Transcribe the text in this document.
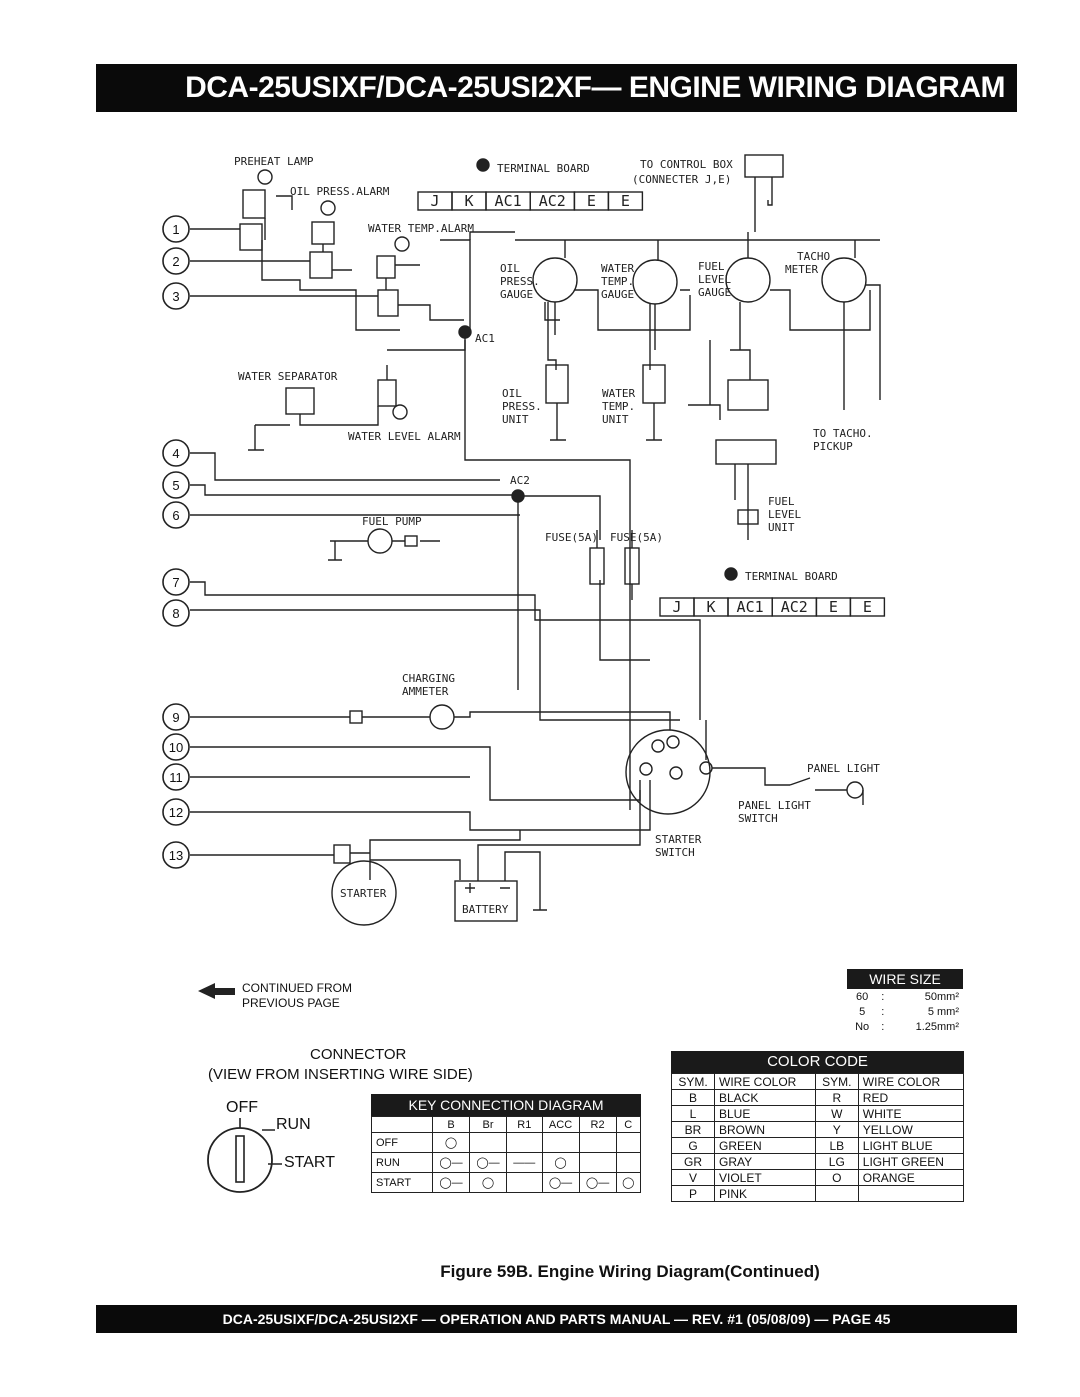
DCA-25USIXF/DCA-25USI2XF— ENGINE WIRING DIAGRAM
1
2
3
4
5
6
7
8
9
10
11
12
13
PREHEAT LAMP
OIL PRESS.ALARM
WATER TEMP.ALARM
TERMINAL BOARD
J K AC1 AC2 E E
TO CONTROL BOX
(CONNECTER J,E)
OIL
PRESS.
GAUGE
WATER
TEMP.
GAUGE
FUEL
LEVEL
GAUGE
TACHO
METER
OIL
PRESS.
UNIT
WATER
TEMP.
UNIT
TO TACHO.
PICKUP
FUEL
LEVEL
UNIT
WATER SEPARATOR
WATER LEVEL ALARM
AC1
AC2
FUEL PUMP
FUSE(5A) FUSE(5A)
TERMINAL BOARD
J K AC1 AC2 E E
CHARGING
AMMETER
STARTER
SWITCH
PANEL LIGHT
PANEL LIGHT
SWITCH
STARTER
BATTERY
CONTINUED FROM
PREVIOUS PAGE
CONNECTOR
(VIEW FROM INSERTING WIRE SIDE)
OFF
RUN
START
KEY CONNECTION DIAGRAM
	B	Br	R1	ACC	R2	C
OFF	◯					
RUN	◯—	◯—	——	◯		
START	◯—	◯		◯—	◯—	◯
WIRE SIZE
60	:	50mm²
5	:	5 mm²
No	:	1.25mm²
COLOR CODE
SYM.	WIRE COLOR	SYM.	WIRE COLOR
B	BLACK	R	RED
L	BLUE	W	WHITE
BR	BROWN	Y	YELLOW
G	GREEN	LB	LIGHT BLUE
GR	GRAY	LG	LIGHT GREEN
V	VIOLET	O	ORANGE
P	PINK		
Figure 59B. Engine Wiring Diagram(Continued)
DCA-25USIXF/DCA-25USI2XF — OPERATION AND PARTS MANUAL — REV. #1 (05/08/09) — PAGE 45
